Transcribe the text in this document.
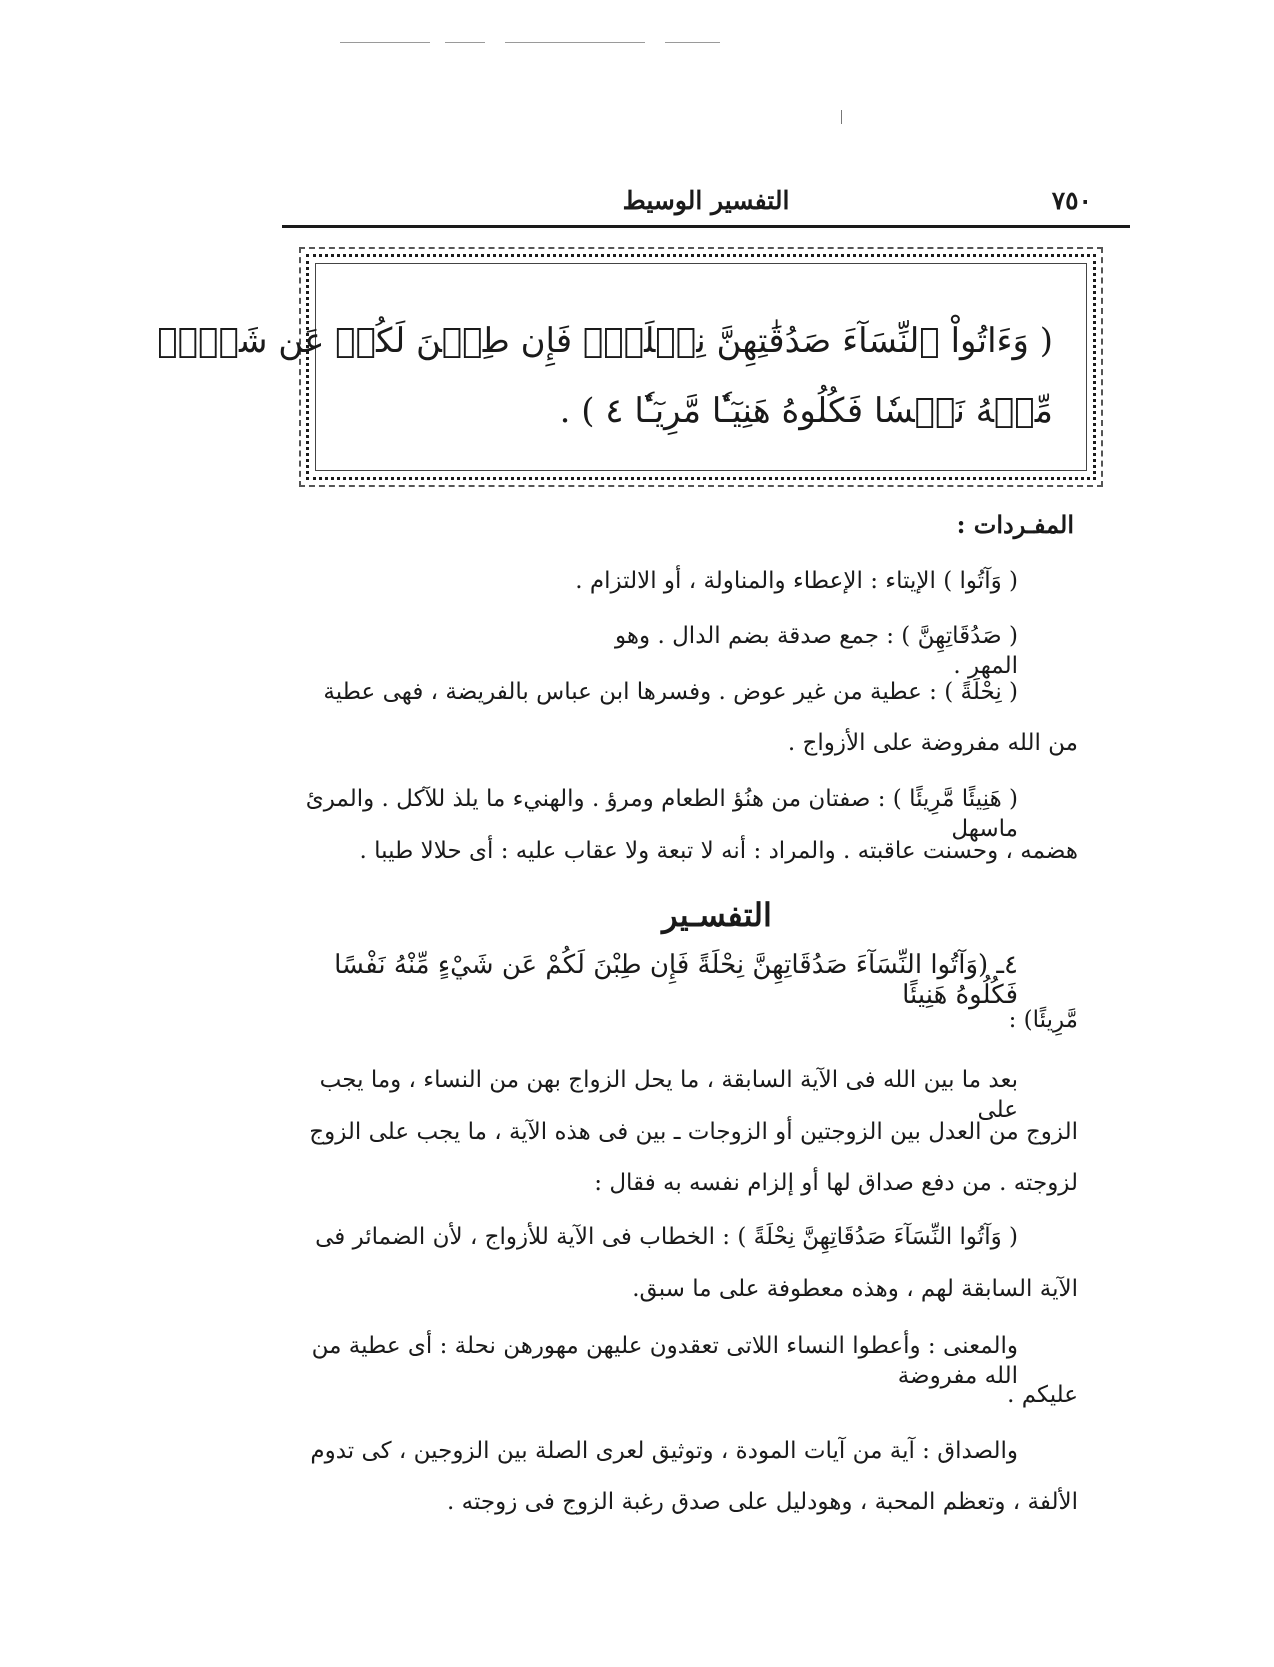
التفسير الوسيط	٧٥٠
( وَءَاتُواْ ٱلنِّسَآءَ صَدُقَٰتِهِنَّ نِحۡلَةٗۚ فَإِن طِبۡنَ لَكُمۡ عَن شَيۡءٖ
مِّنۡهُ نَفۡسٗا فَكُلُوهُ هَنِيٓـٔٗا مَّرِيٓـٔٗا ٤ ) .
المفـردات :
( وَآتُوا ) الإيتاء : الإعطاء والمناولة ، أو الالتزام .
( صَدُقَاتِهِنَّ ) : جمع صدقة بضم الدال . وهو المهر .
( نِحْلَةً ) : عطية من غير عوض . وفسرها ابن عباس بالفريضة ، فهى عطية
من الله مفروضة على الأزواج .
( هَنِيئًا مَّرِيئًا ) : صفتان من هنُؤ الطعام ومرؤ . والهنيء ما يلذ للآكل . والمرئ ماسهل
هضمه ، وحسنت عاقبته . والمراد : أنه لا تبعة ولا عقاب عليه : أى حلالا طيبا .
التفسـير
٤ـ (وَآتُوا النِّسَآءَ صَدُقَاتِهِنَّ نِحْلَةً فَإِن طِبْنَ لَكُمْ عَن شَيْءٍ مِّنْهُ نَفْسًا فَكُلُوهُ هَنِيئًا
مَّرِيئًا) :
بعد ما بين الله فى الآية السابقة ، ما يحل الزواج بهن من النساء ، وما يجب على
الزوج من العدل بين الزوجتين أو الزوجات ـ بين فى هذه الآية ، ما يجب على الزوج
لزوجته . من دفع صداق لها أو إلزام نفسه به فقال :
( وَآتُوا النِّسَآءَ صَدُقَاتِهِنَّ نِحْلَةً ) : الخطاب فى الآية للأزواج ، لأن الضمائر فى
الآية السابقة لهم ، وهذه معطوفة على ما سبق.
والمعنى : وأعطوا النساء اللاتى تعقدون عليهن مهورهن نحلة : أى عطية من الله مفروضة
عليكم .
والصداق : آية من آيات المودة ، وتوثيق لعرى الصلة بين الزوجين ، كى تدوم
الألفة ، وتعظم المحبة ، وهودليل على صدق رغبة الزوج فى زوجته .
